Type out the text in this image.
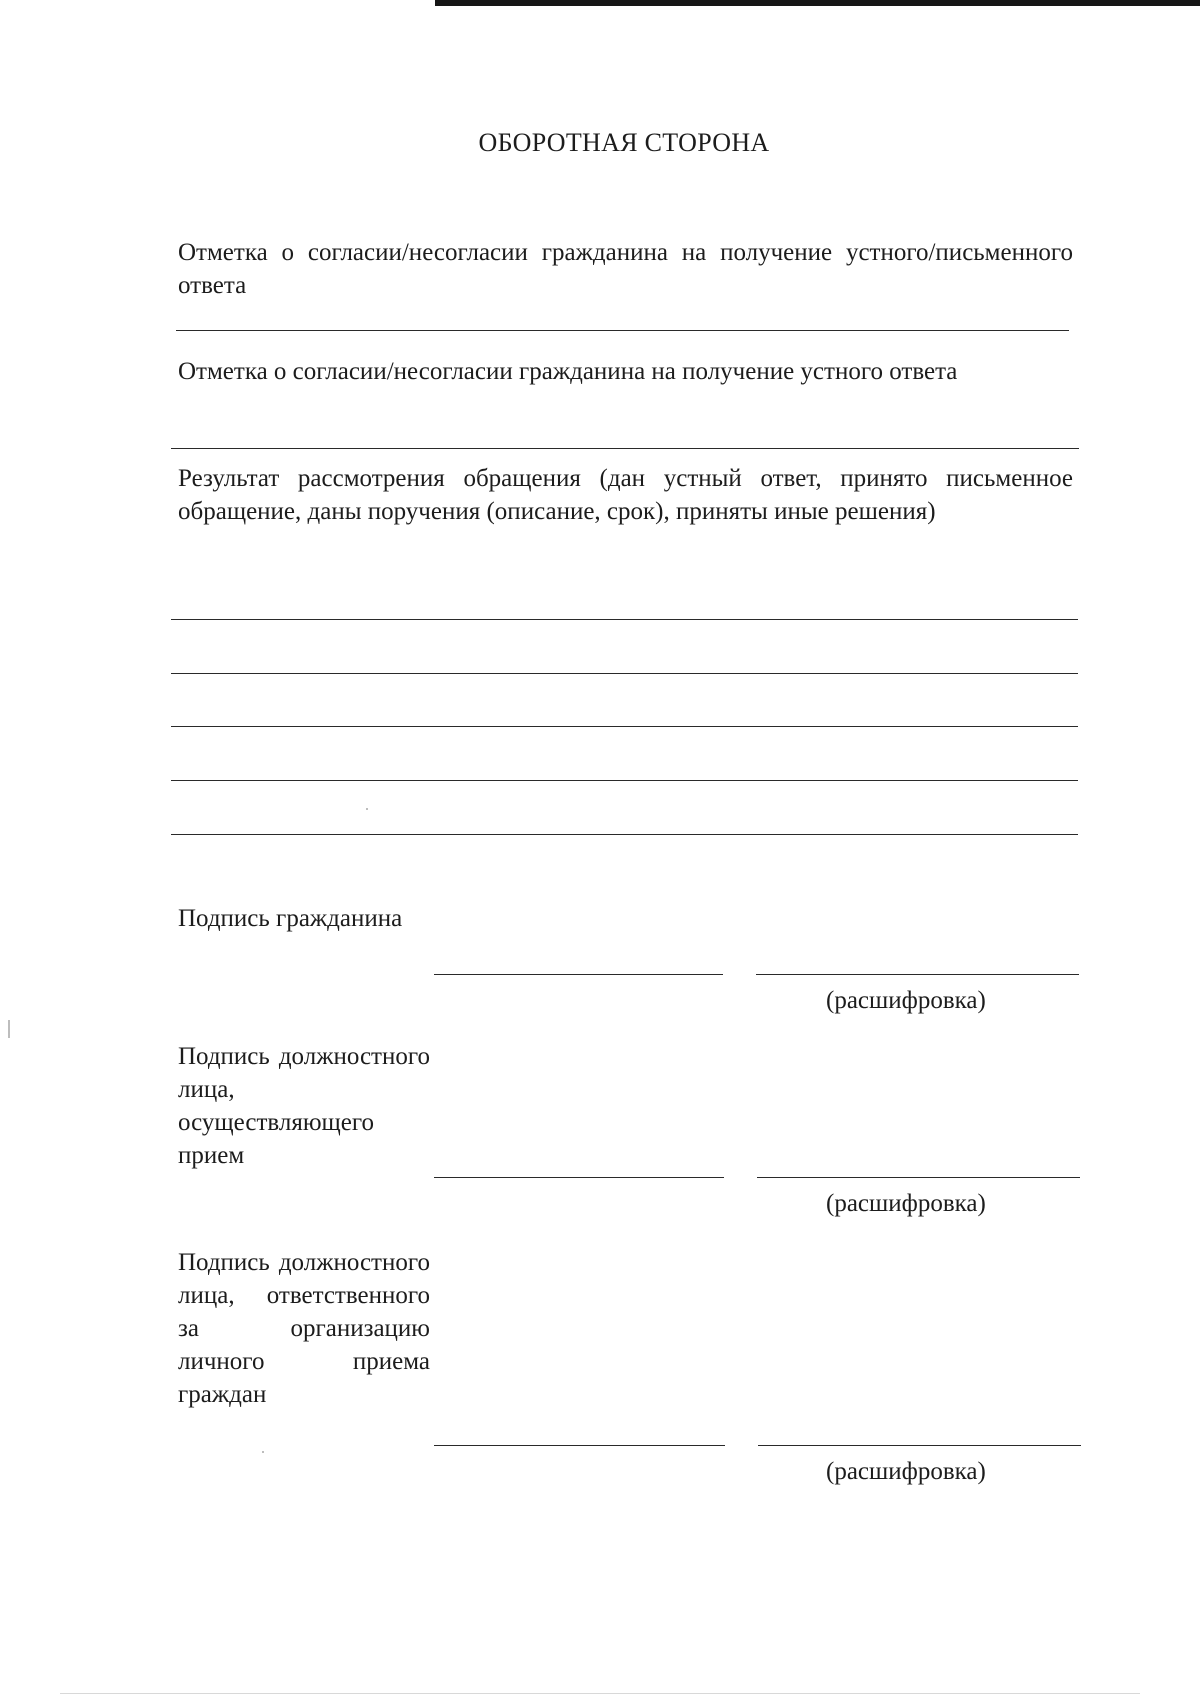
ОБОРОТНАЯ СТОРОНА
Отметка о согласии/несогласии гражданина на получение устного/письменного ответа
Отметка о согласии/несогласии гражданина на получение устного ответа
Результат рассмотрения обращения (дан устный ответ, принято письменное обращение, даны поручения (описание, срок), приняты иные решения)
Подпись гражданина
(расшифровка)
Подпись должностного лица, осуществляющего прием
(расшифровка)
Подпись должностного лица, ответственного за организацию личного приема граждан
(расшифровка)
